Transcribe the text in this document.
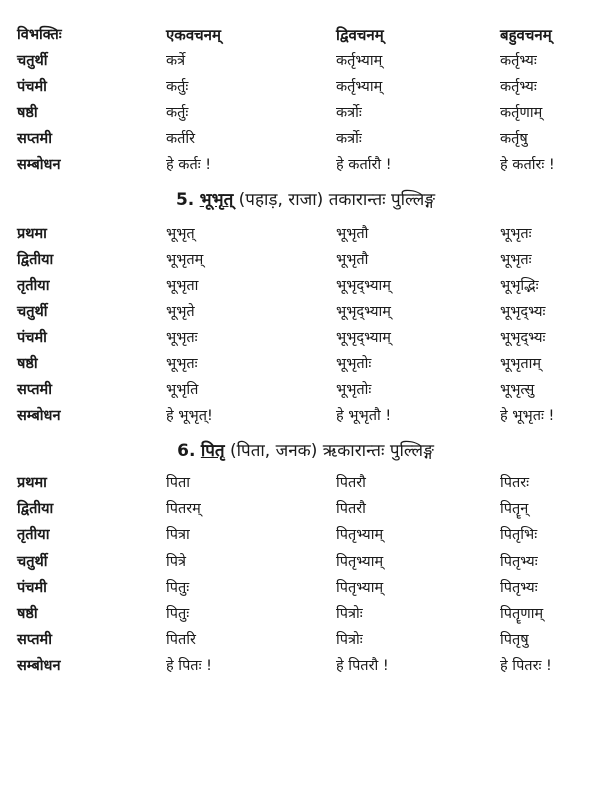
विभक्तिः	एकवचनम्	द्विवचनम्	बहुवचनम्
चतुर्थी	कर्त्रे	कर्तृभ्याम्	कर्तृभ्यः
पंचमी	कर्तुः	कर्तृभ्याम्	कर्तृभ्यः
षष्ठी	कर्तुः	कर्त्रोः	कर्तृणाम्
सप्तमी	कर्तरि	कर्त्रोः	कर्तृषु
सम्बोधन	हे कर्तः !	हे कर्तारौ !	हे कर्तारः !
5. भूभृत् (पहाड़, राजा) तकारान्तः पुल्लिङ्ग
प्रथमा	भूभृत्	भूभृतौ	भूभृतः
द्वितीया	भूभृतम्	भूभृतौ	भूभृतः
तृतीया	भूभृता	भूभृद्भ्याम्	भूभृद्भिः
चतुर्थी	भूभृते	भूभृद्भ्याम्	भूभृद्भ्यः
पंचमी	भूभृतः	भूभृद्भ्याम्	भूभृद्भ्यः
षष्ठी	भूभृतः	भूभृतोः	भूभृताम्
सप्तमी	भूभृति	भूभृतोः	भूभृत्सु
सम्बोधन	हे भूभृत्!	हे भूभृतौ !	हे भूभृतः !
6. पितृ (पिता, जनक) ऋकारान्तः पुल्लिङ्ग
प्रथमा	पिता	पितरौ	पितरः
द्वितीया	पितरम्	पितरौ	पितॄन्
तृतीया	पित्रा	पितृभ्याम्	पितृभिः
चतुर्थी	पित्रे	पितृभ्याम्	पितृभ्यः
पंचमी	पितुः	पितृभ्याम्	पितृभ्यः
षष्ठी	पितुः	पित्रोः	पितॄणाम्
सप्तमी	पितरि	पित्रोः	पितृषु
सम्बोधन	हे पितः !	हे पितरौ !	हे पितरः !
